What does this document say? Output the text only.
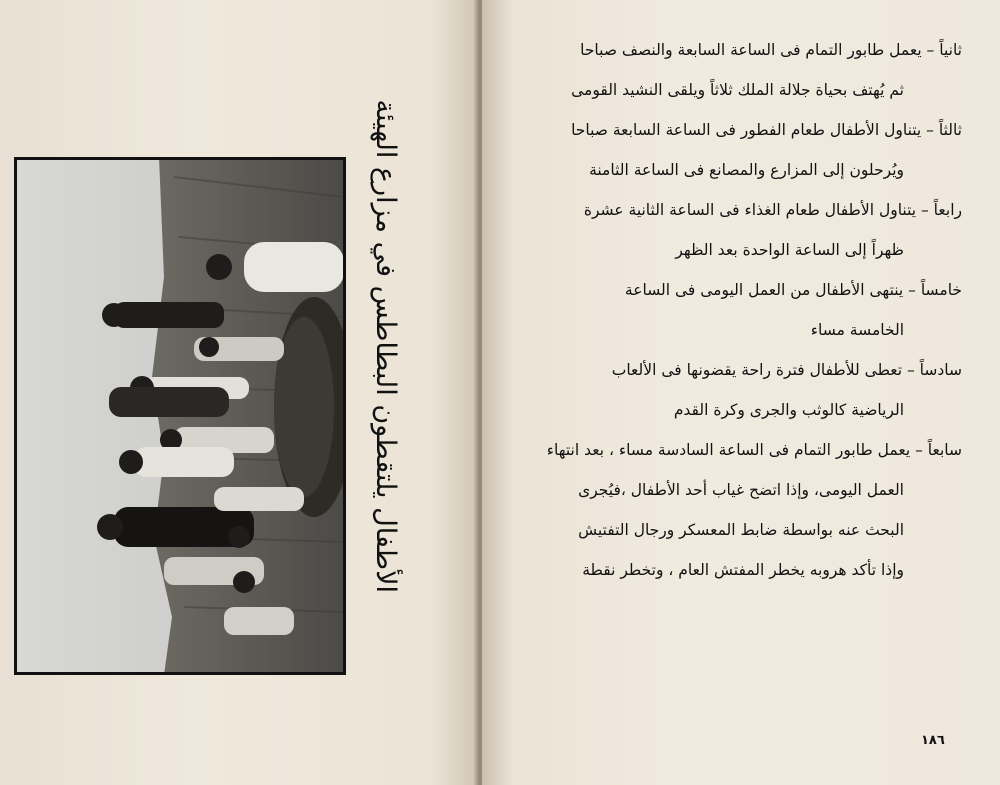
الأطفال يلتقطون البطاطس في مزارع الهيئة
ثانياً – يعمل طابور التمام فى الساعة السابعة والنصف صباحا
ثم يُهتف بحياة جلالة الملك ثلاثاً ويلقى النشيد القومى
ثالثاً – يتناول الأطفال طعام الفطور فى الساعة السابعة صباحا
ويُرحلون إلى المزارع والمصانع فى الساعة الثامنة
رابعاً – يتناول الأطفال طعام الغذاء فى الساعة الثانية عشرة
ظهراً إلى الساعة الواحدة بعد الظهر
خامساً – ينتهى الأطفال من العمل اليومى فى الساعة
الخامسة مساء
سادساً – تعطى للأطفال فترة راحة يقضونها فى الألعاب
الرياضية كالوثب والجرى وكرة القدم
سابعاً – يعمل طابور التمام فى الساعة السادسة مساء ، بعد انتهاء
العمل اليومى، وإذا اتضح غياب أحد الأطفال ،فيُجرى
البحث عنه بواسطة ضابط المعسكر ورجال التفتيش
وإذا تأكد هروبه يخطر المفتش العام ، وتخطر نقطة
١٨٦
